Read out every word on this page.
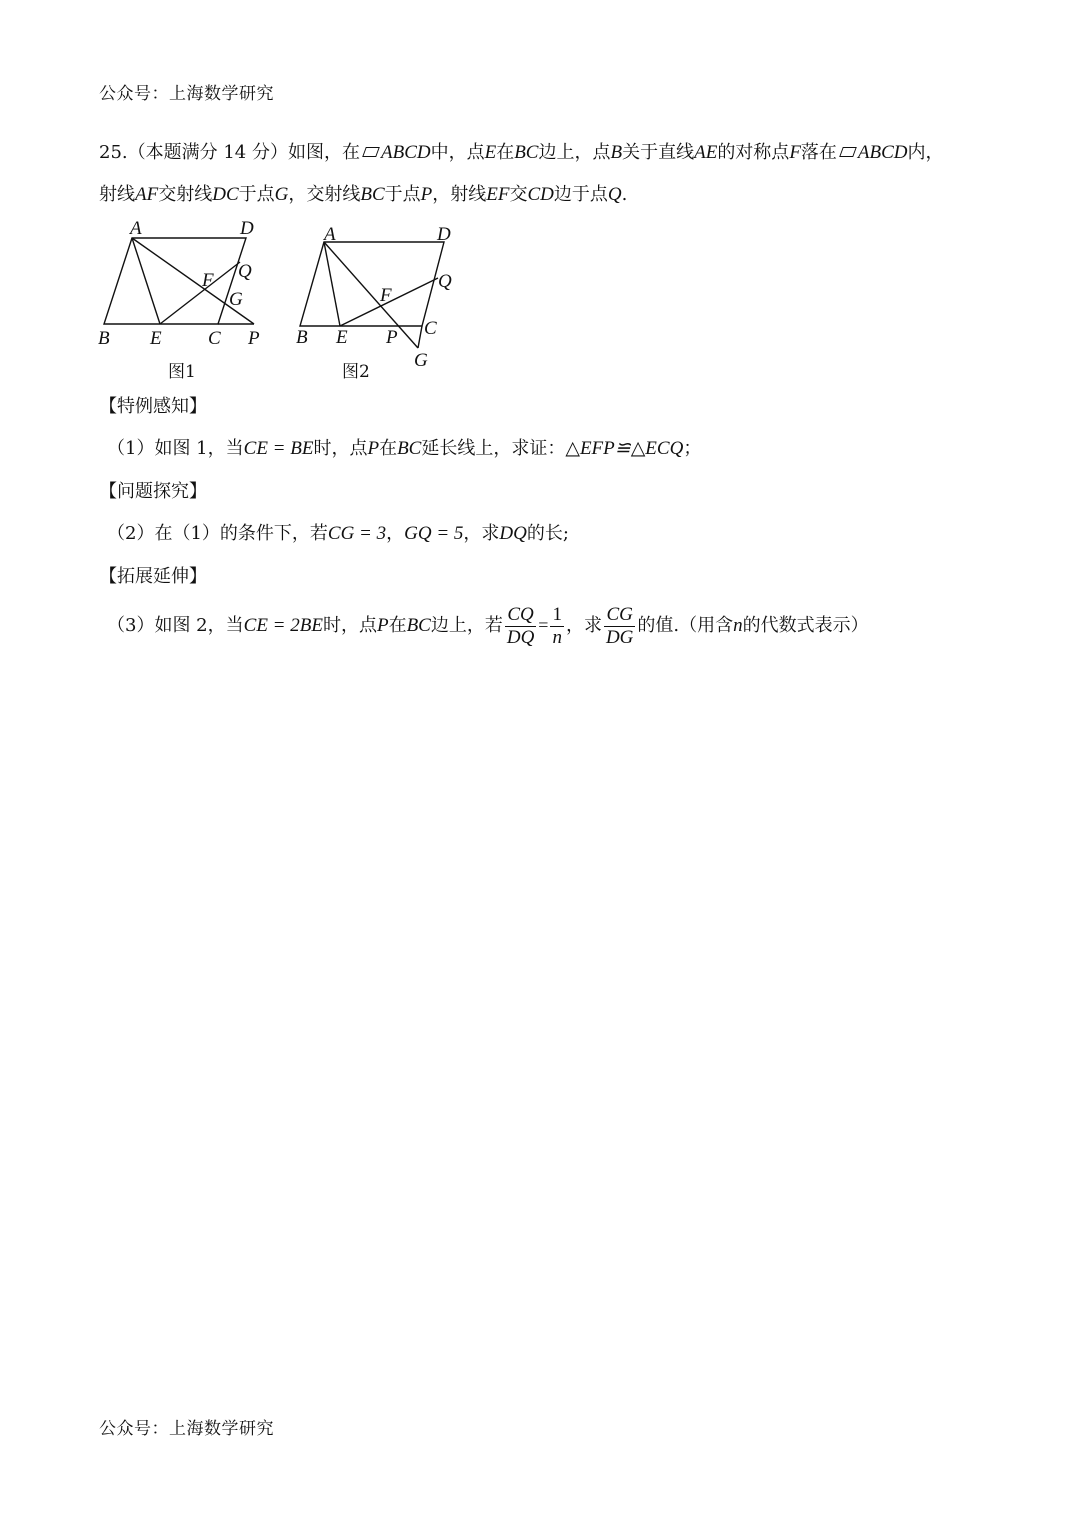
公众号：上海数学研究
25.（本题满分 14 分）如图，在 ABCD中，点E在BC边上，点B关于直线AE的对称点F落在 ABCD内，
射线AF交射线DC于点G，交射线BC于点P，射线EF交CD边于点Q.
A	D
F Q
G
B E C P
图1
A	D
F
Q
B E P C
G
图2
【特例感知】
（1）如图 1，当CE = BE时，点P在BC延长线上，求证：△EFP≌△ECQ；
【问题探究】
（2）在（1）的条件下，若CG = 3，GQ = 5，求DQ的长;
【拓展延伸】
（3）如图 2，当CE = 2BE时，点P在BC边上，若 $\frac{CQ}{DQ} = \frac{1}{n}$ ，求 $\frac{CG}{DG}$ 的值.（用含n的代数式表示）
公众号：上海数学研究
